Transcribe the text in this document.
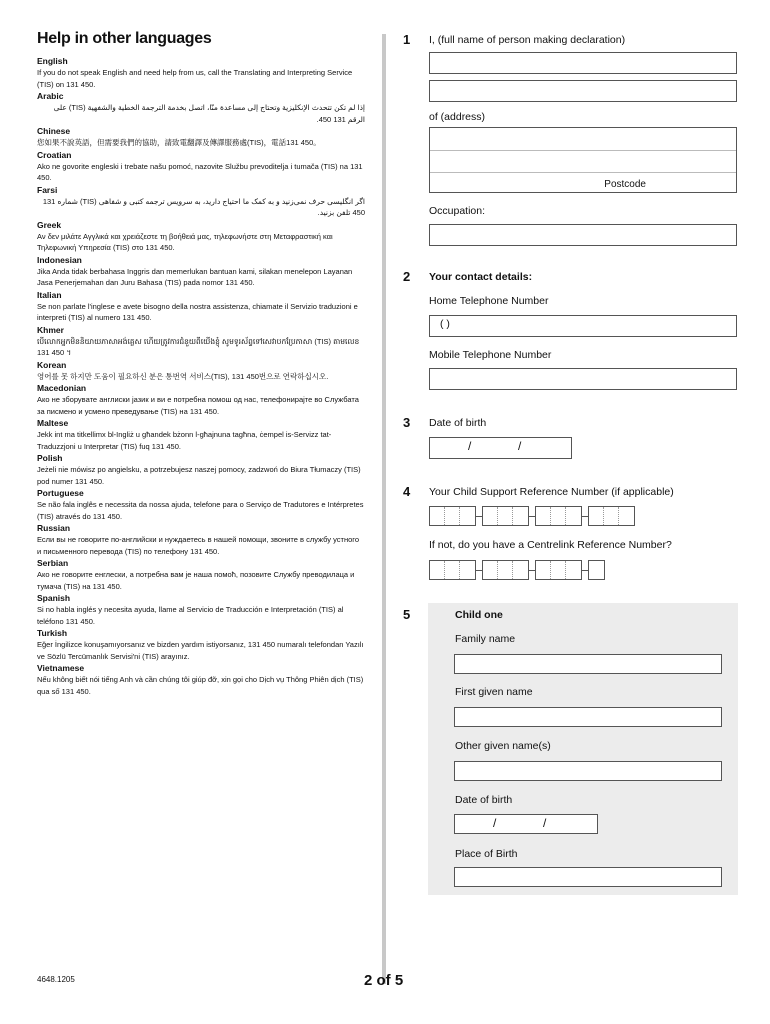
Help in other languages
English
If you do not speak English and need help from us, call the Translating and Interpreting Service (TIS) on 131 450.
Arabic
إذا لم تكن تتحدث الإنكليزية وتحتاج إلى مساعدة منّا، اتصل بخدمة الترجمة الخطية والشفهية (TIS) على الرقم 131 450.
Chinese
您如果不說英語，但需要我們的協助，請致電翻譯及傳譯服務處(TIS)，電話131 450。
Croatian
Ako ne govorite engleski i trebate našu pomoć, nazovite Službu prevoditelja i tumača (TIS) na 131 450.
Farsi
اگر انگلیسی حرف نمی‌زنید و به کمک ما احتیاج دارید، به سرویس ترجمه کتبی و شفاهی (TIS) شماره 131 450 تلفن بزنید.
Greek
Αν δεν μιλάτε Αγγλικά και χρειάζεστε τη βοήθειά μας, τηλεφωνήστε στη Μεταφραστική και Τηλεφωνική Υπηρεσία (TIS) στο 131 450.
Indonesian
Jika Anda tidak berbahasa Inggris dan memerlukan bantuan kami, silakan menelepon Layanan Jasa Penerjemahan dan Juru Bahasa (TIS) pada nomor 131 450.
Italian
Se non parlate l'inglese e avete bisogno della nostra assistenza, chiamate il Servizio traduzioni e interpreti (TIS) al numero 131 450.
Khmer
បើលោកអ្នកមិននិយាយភាសាអង់គ្លេស ហើយត្រូវការជំនួយពីយើងខ្ញុំ សូមទូរស័ព្ទទៅសេវាបកប្រែភាសា (TIS) តាមលេខ 131 450 ។
Korean
영어를 못 하지만 도움이 필요하신 분은 통번역 서비스(TIS), 131 450번으로 연락하십시오.
Macedonian
Ако не зборувате англиски јазик и ви е потребна помош од нас, телефонирајте во Службата за писмено и усмено преведување (TIS) на 131 450.
Maltese
Jekk int ma titkellimx bl-Ingliż u għandek bżonn l-għajnuna tagħna, ċempel is-Servizz tat-Traduzzjoni u Interpretar (TIS) fuq 131 450.
Polish
Jeżeli nie mówisz po angielsku, a potrzebujesz naszej pomocy, zadzwoń do Biura Tłumaczy (TIS) pod numer 131 450.
Portuguese
Se não fala inglês e necessita da nossa ajuda, telefone para o Serviço de Tradutores e Intérpretes (TIS) através do 131 450.
Russian
Если вы не говорите по-английски и нуждаетесь в нашей помощи, звоните в службу устного и письменного перевода (TIS) по телефону 131 450.
Serbian
Ако не говорите енглески, а потребна вам је наша помоћ, позовите Службу преводилаца и тумача (TIS) на 131 450.
Spanish
Si no habla inglés y necesita ayuda, llame al Servicio de Traducción e Interpretación (TIS) al teléfono 131 450.
Turkish
Eğer İngilizce konuşamıyorsanız ve bizden yardım istiyorsanız, 131 450 numaralı telefondan Yazılı ve Sözlü Tercümanlık Servisi'ni (TIS) arayınız.
Vietnamese
Nếu không biết nói tiếng Anh và cần chúng tôi giúp đỡ, xin gọi cho Dịch vụ Thông Phiên dịch (TIS) qua số 131 450.
4648.1205	2 of 5
1 I, (full name of person making declaration)
of (address)
Postcode
Occupation:
2 Your contact details:
Home Telephone Number
( )
Mobile Telephone Number
3 Date of birth
/	/
4 Your Child Support Reference Number (if applicable)
If not, do you have a Centrelink Reference Number?
5	Child one
Family name
First given name
Other given name(s)
Date of birth
/	/
Place of Birth
